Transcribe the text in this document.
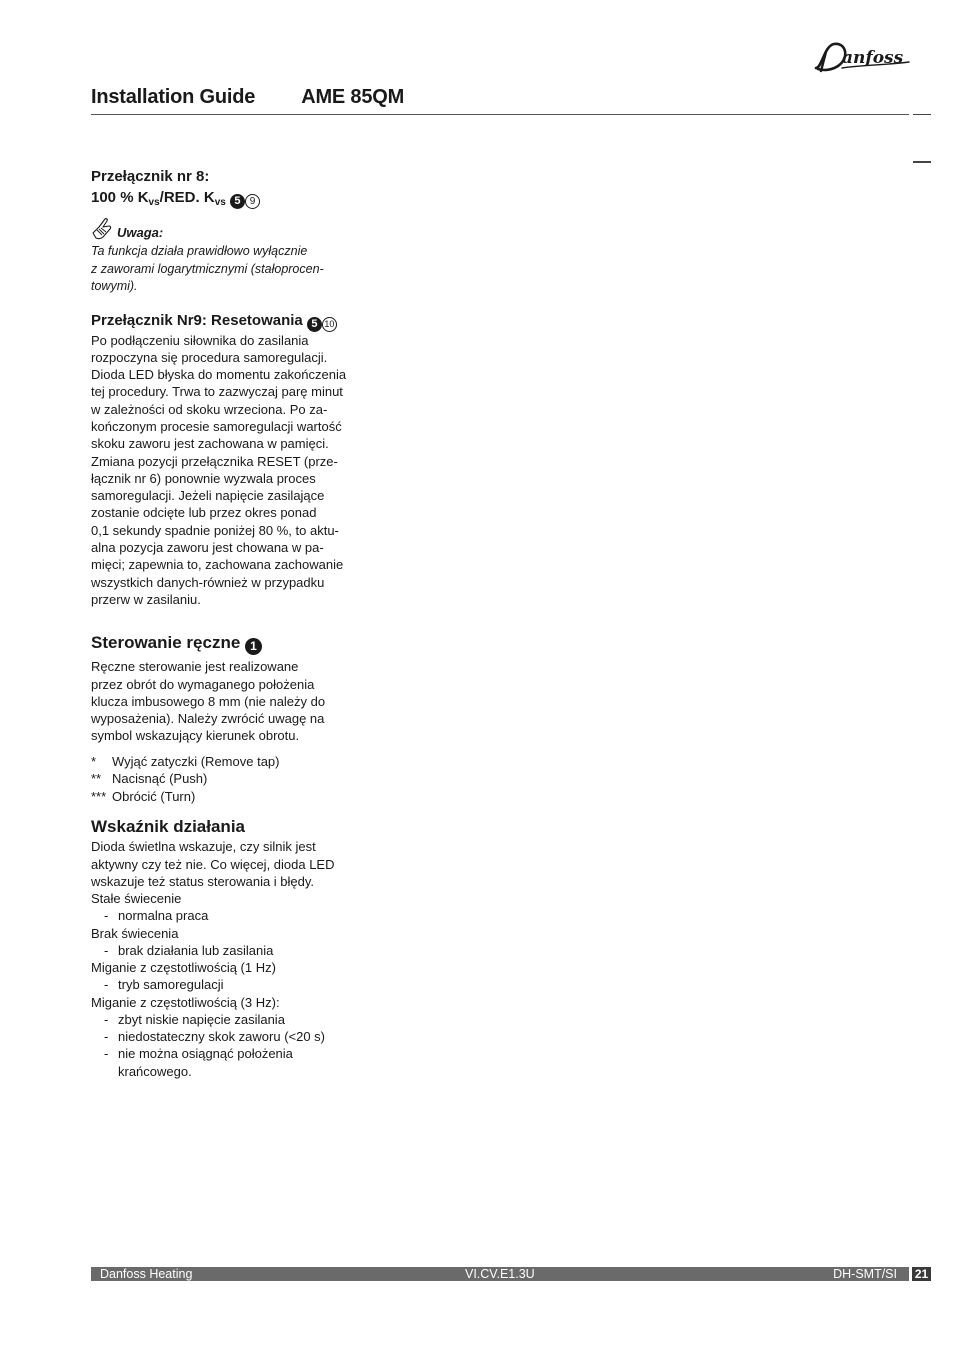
anfoss
Installation Guide AME 85QM
Przełącznik nr 8:
100 % $K_{vs}$/RED. $K_{vs}$ 5 9
Uwaga:
Ta funkcja działa prawidłowo wyłącznie
z zaworami logarytmicznymi (stałoprocen-
towymi).
Przełącznik Nr9: Resetowania 5 10
Po podłączeniu siłownika do zasilania
rozpoczyna się procedura samoregulacji.
Dioda LED błyska do momentu zakończenia
tej procedury. Trwa to zazwyczaj parę minut
w zależności od skoku wrzeciona. Po za-
kończonym procesie samoregulacji wartość
skoku zaworu jest zachowana w pamięci.
Zmiana pozycji przełącznika RESET (prze-
łącznik nr 6) ponownie wyzwala proces
samoregulacji. Jeżeli napięcie zasilające
zostanie odcięte lub przez okres ponad
0,1 sekundy spadnie poniżej 80 %, to aktu-
alna pozycja zaworu jest chowana w pa-
mięci; zapewnia to, zachowana zachowanie
wszystkich danych-również w przypadku
przerw w zasilaniu.
Sterowanie ręczne 1
Ręczne sterowanie jest realizowane
przez obrót do wymaganego położenia
klucza imbusowego 8 mm (nie należy do
wyposażenia). Należy zwrócić uwagę na
symbol wskazujący kierunek obrotu.
*	Wyjąć zatyczki (Remove tap)
** Nacisnąć (Push)
*** Obrócić (Turn)
Wskaźnik działania
Dioda świetlna wskazuje, czy silnik jest
aktywny czy też nie. Co więcej, dioda LED
wskazuje też status sterowania i błędy.
Stałe świecenie
- normalna praca
Brak świecenia
- brak działania lub zasilania
Miganie z częstotliwością (1 Hz)
- tryb samoregulacji
Miganie z częstotliwością (3 Hz):
- zbyt niskie napięcie zasilania
- niedostateczny skok zaworu (<20 s)
- nie można osiągnąć położenia
krańcowego.
Danfoss Heating	VI.CV.E1.3U	DH-SMT/SI 21
